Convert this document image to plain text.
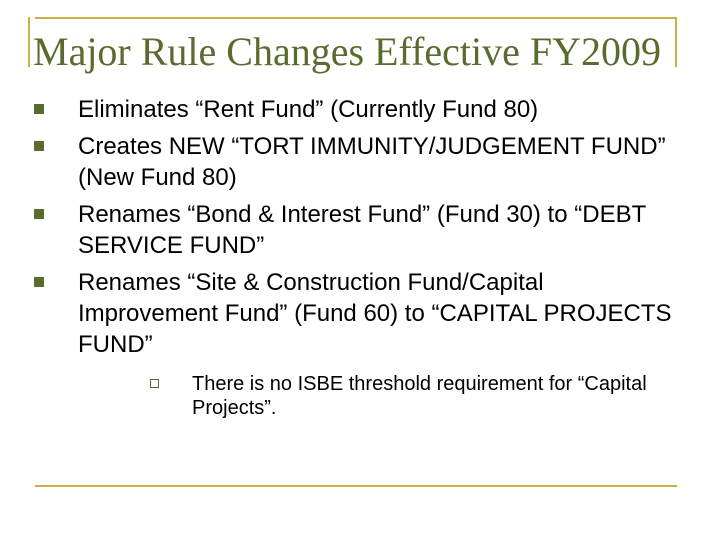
Major Rule Changes Effective FY2009
Eliminates “Rent Fund” (Currently Fund 80)
Creates NEW “TORT IMMUNITY/JUDGEMENT FUND” (New Fund 80)
Renames “Bond & Interest Fund” (Fund 30) to “DEBT SERVICE FUND”
Renames “Site & Construction Fund/Capital Improvement Fund” (Fund 60) to “CAPITAL PROJECTS FUND”
There is no ISBE threshold requirement for “Capital Projects”.
